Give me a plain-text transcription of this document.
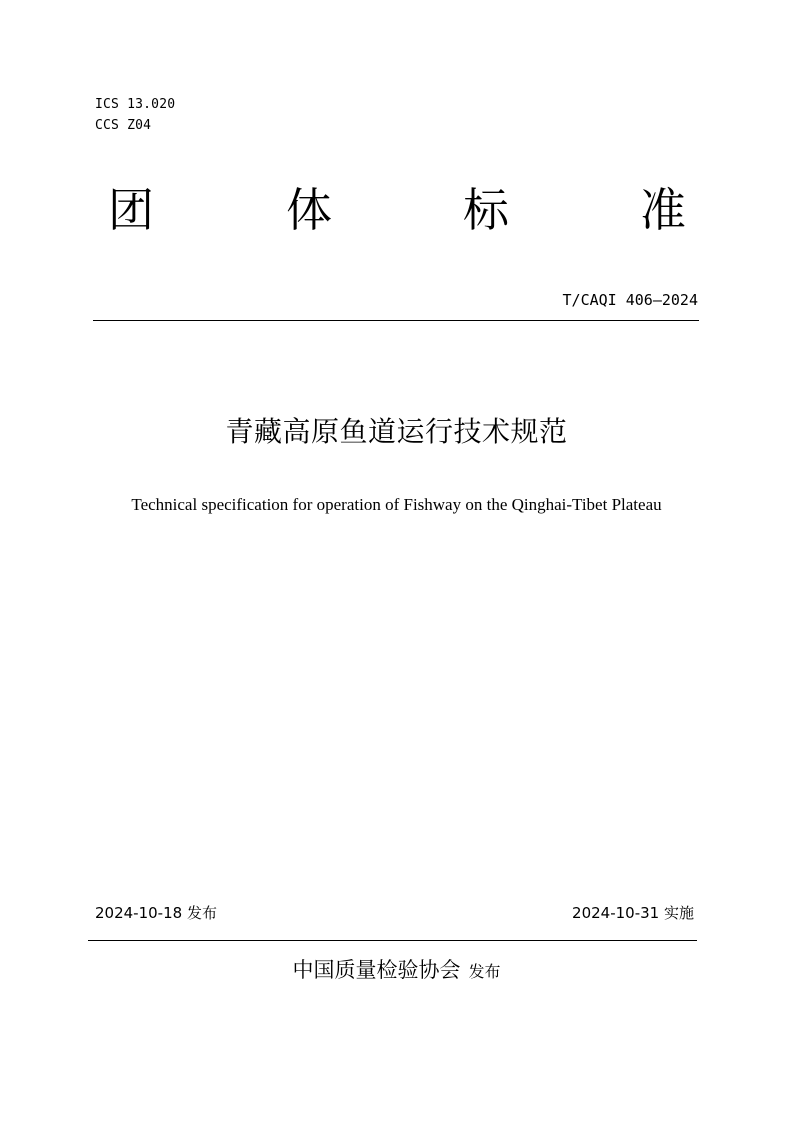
ICS 13.020
CCS Z04
团	体	标	准
T/CAQI 406—2024
青藏高原鱼道运行技术规范
Technical specification for operation of Fishway on the Qinghai-Tibet Plateau
2024-10-18 发布	2024-10-31 实施
中国质量检验协会 发布
